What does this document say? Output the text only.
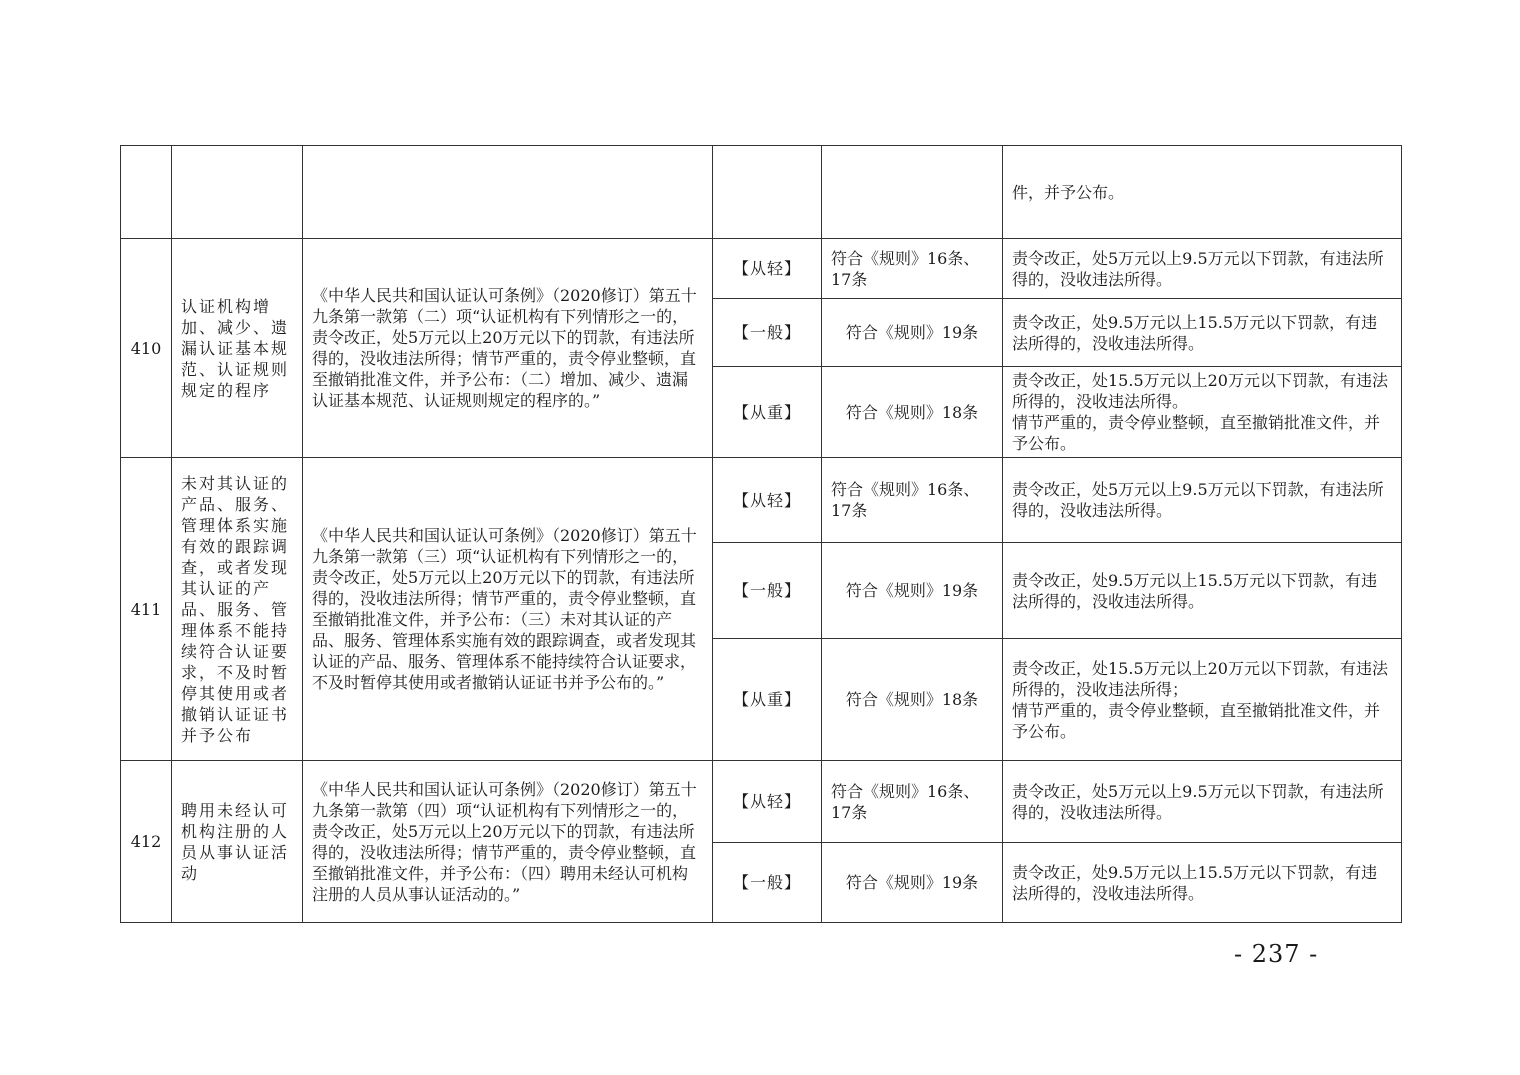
					件，并予公布。
410	认证机构增加、减少、遗漏认证基本规范、认证规则规定的程序	《中华人民共和国认证认可条例》（2020修订）第五十九条第一款第（二）项“认证机构有下列情形之一的，责令改正，处5万元以上20万元以下的罚款，有违法所得的，没收违法所得；情节严重的，责令停业整顿，直至撤销批准文件，并予公布：（二）增加、减少、遗漏认证基本规范、认证规则规定的程序的。”	【从轻】	符合《规则》16条、17条	责令改正，处5万元以上9.5万元以下罚款，有违法所得的，没收违法所得。
			【一般】	符合《规则》19条	责令改正，处9.5万元以上15.5万元以下罚款，有违法所得的，没收违法所得。
			【从重】	符合《规则》18条	责令改正，处15.5万元以上20万元以下罚款，有违法所得的，没收违法所得。
情节严重的，责令停业整顿，直至撤销批准文件，并予公布。

411	未对其认证的产品、服务、管理体系实施有效的跟踪调查，或者发现其认证的产品、服务、管理体系不能持续符合认证要求，不及时暂停其使用或者撤销认证证书并予公布	《中华人民共和国认证认可条例》（2020修订）第五十九条第一款第（三）项“认证机构有下列情形之一的，责令改正，处5万元以上20万元以下的罚款，有违法所得的，没收违法所得；情节严重的，责令停业整顿，直至撤销批准文件，并予公布：（三）未对其认证的产品、服务、管理体系实施有效的跟踪调查，或者发现其认证的产品、服务、管理体系不能持续符合认证要求，不及时暂停其使用或者撤销认证证书并予公布的。”	【从轻】	符合《规则》16条、17条	责令改正，处5万元以上9.5万元以下罚款，有违法所得的，没收违法所得。
			【一般】	符合《规则》19条	责令改正，处9.5万元以上15.5万元以下罚款，有违法所得的，没收违法所得。
			【从重】	符合《规则》18条	责令改正，处15.5万元以上20万元以下罚款，有违法所得的，没收违法所得；
情节严重的，责令停业整顿，直至撤销批准文件，并予公布。

412	聘用未经认可机构注册的人员从事认证活动	《中华人民共和国认证认可条例》（2020修订）第五十九条第一款第（四）项“认证机构有下列情形之一的，责令改正，处5万元以上20万元以下的罚款，有违法所得的，没收违法所得；情节严重的，责令停业整顿，直至撤销批准文件，并予公布：（四）聘用未经认可机构注册的人员从事认证活动的。”	【从轻】	符合《规则》16条、17条	责令改正，处5万元以上9.5万元以下罚款，有违法所得的，没收违法所得。
			【一般】	符合《规则》19条	责令改正，处9.5万元以上15.5万元以下罚款，有违法所得的，没收违法所得。
- 237 -
